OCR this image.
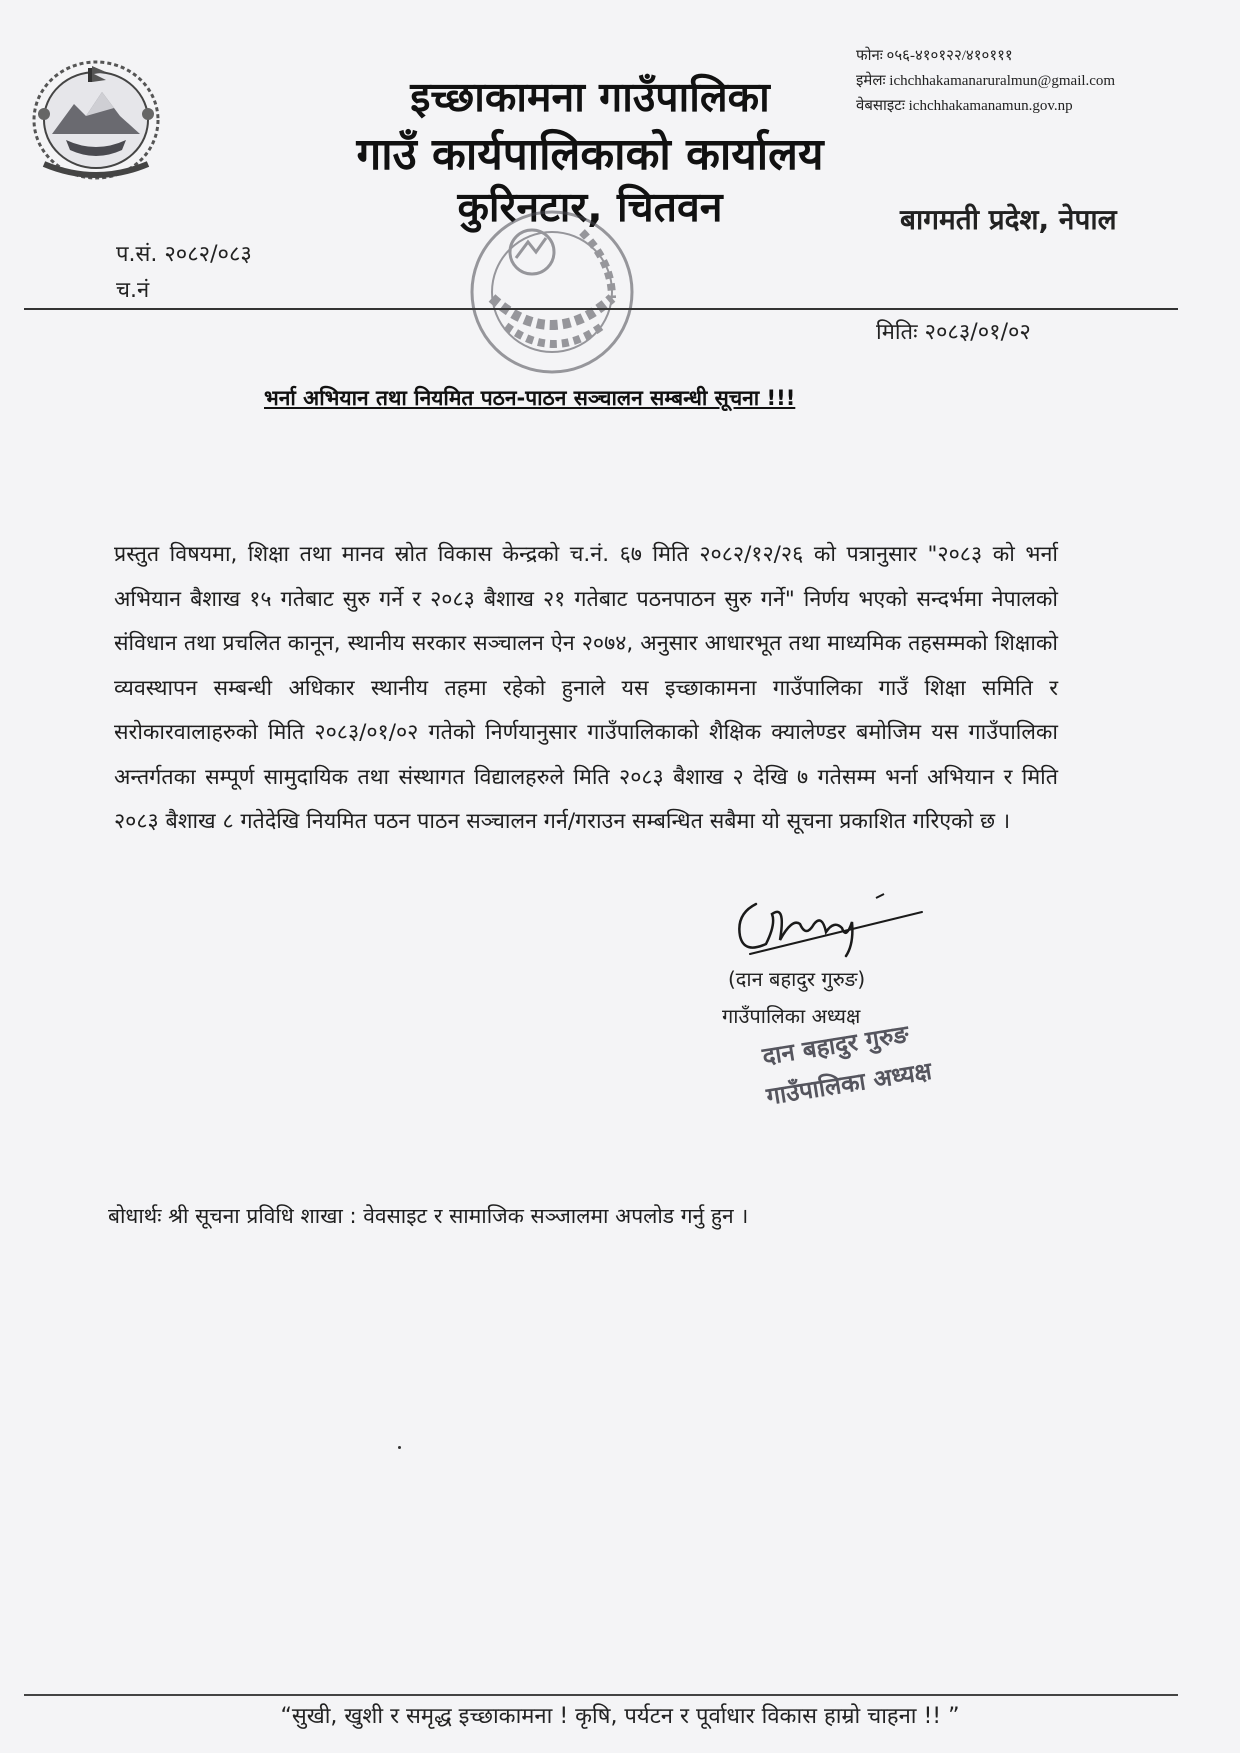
इच्छाकामना गाउँपालिका
गाउँ कार्यपालिकाको कार्यालय
कुरिनटार, चितवन
फोनः ०५६-४१०१२२/४१०१११
इमेलः ichchhakamanaruralmun@gmail.com
वेबसाइटः ichchhakamanamun.gov.np
बागमती प्रदेश, नेपाल
प.सं. २०८२/०८३
च.नं
मितिः २०८३/०१/०२
भर्ना अभियान तथा नियमित पठन-पाठन सञ्चालन सम्बन्धी सूचना !!!
प्रस्तुत विषयमा, शिक्षा तथा मानव स्रोत विकास केन्द्रको च.नं. ६७ मिति २०८२/१२/२६ को पत्रानुसार "२०८३ को भर्ना अभियान बैशाख १५ गतेबाट सुरु गर्ने र २०८३ बैशाख २१ गतेबाट पठनपाठन सुरु गर्ने" निर्णय भएको सन्दर्भमा नेपालको संविधान तथा प्रचलित कानून, स्थानीय सरकार सञ्चालन ऐन २०७४, अनुसार आधारभूत तथा माध्यमिक तहसम्मको शिक्षाको व्यवस्थापन सम्बन्धी अधिकार स्थानीय तहमा रहेको हुनाले यस इच्छाकामना गाउँपालिका गाउँ शिक्षा समिति र सरोकारवालाहरुको मिति २०८३/०१/०२ गतेको निर्णयानुसार गाउँपालिकाको शैक्षिक क्यालेण्डर बमोजिम यस गाउँपालिका अन्तर्गतका सम्पूर्ण सामुदायिक तथा संस्थागत विद्यालहरुले मिति २०८३ बैशाख २ देखि ७ गतेसम्म भर्ना अभियान र मिति २०८३ बैशाख ८ गतेदेखि नियमित पठन पाठन सञ्चालन गर्न/गराउन सम्बन्धित सबैमा यो सूचना प्रकाशित गरिएको छ ।
(दान बहादुर गुरुङ)
गाउँपालिका अध्यक्ष
दान बहादुर गुरुङ
गाउँपालिका अध्यक्ष
बोधार्थः श्री सूचना प्रविधि शाखा : वेवसाइट र सामाजिक सञ्जालमा अपलोड गर्नु हुन ।
“सुखी, खुशी र समृद्ध इच्छाकामना ! कृषि, पर्यटन र पूर्वाधार विकास हाम्रो चाहना !! ”
